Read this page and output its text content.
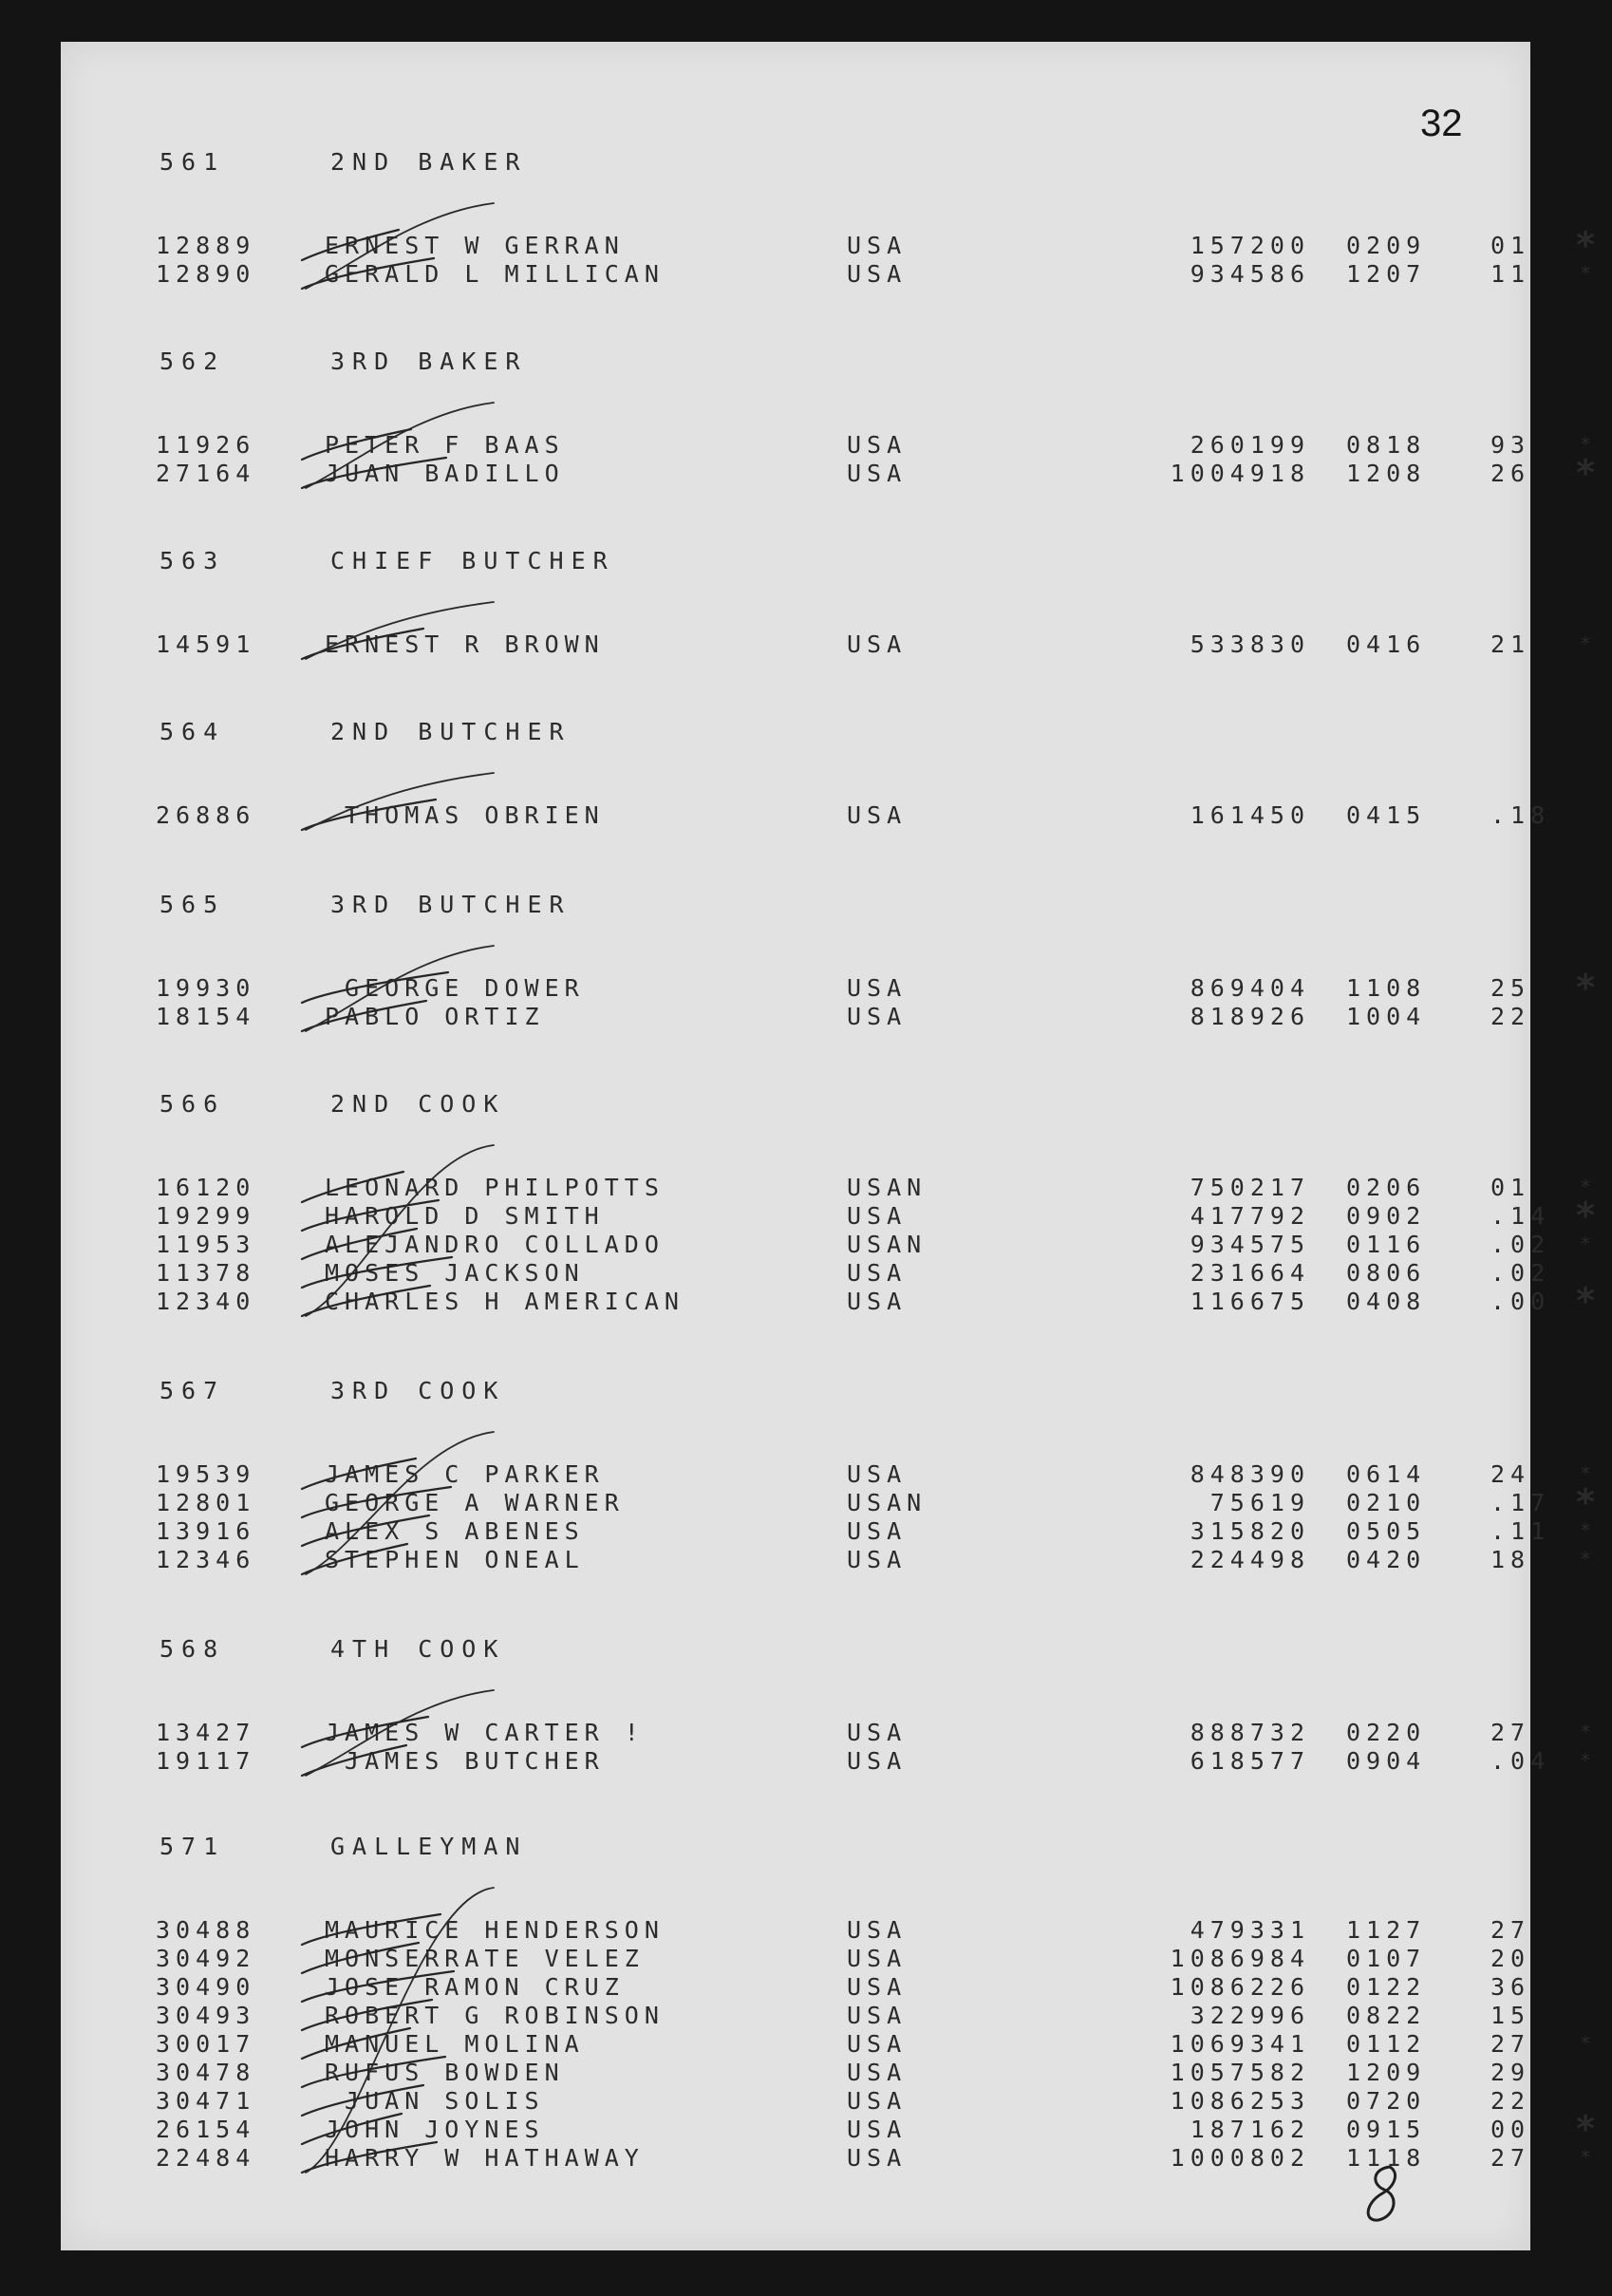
32
561	2ND BAKER
12889	ERNEST W GERRAN	USA	157200 0209	01	*
12890	GERALD L MILLICAN	USA	934586 1207	11	*
562	3RD BAKER
11926	PETER F BAAS	USA	260199 0818	93	*
27164	JUAN BADILLO	USA	1004918 1208	26	*
563	CHIEF BUTCHER
14591	ERNEST R BROWN	USA	533830 0416	21	*
564	2ND BUTCHER
26886	THOMAS OBRIEN	USA	161450 0415	.18
565	3RD BUTCHER
19930	GEORGE DOWER	USA	869404 1108	25	*
18154	PABLO ORTIZ	USA	818926 1004	22
566	2ND COOK
16120	LEONARD PHILPOTTS	USAN	750217 0206	01	*
19299	HAROLD D SMITH	USA	417792 0902	.14 *
11953	ALEJANDRO COLLADO	USAN	934575 0116	.02	*
11378	MOSES JACKSON	USA	231664 0806	.02
12340	CHARLES H AMERICAN	USA	116675 0408	.00 *
567	3RD COOK
19539	JAMES C PARKER	USA	848390 0614	24	*
12801	GEORGE A WARNER	USAN	75619 0210	.17 *
13916	ALEX S ABENES	USA	315820 0505	.11	*
12346	STEPHEN ONEAL	USA	224498 0420	18	*
568	4TH COOK
13427	JAMES W CARTER !	USA	888732 0220	27	*
19117	JAMES BUTCHER	USA	618577 0904	.04	*
571	GALLEYMAN
30488	MAURICE HENDERSON	USA	479331 1127	27
30492	MONSERRATE VELEZ	USA	1086984 0107	20
30490	JOSE RAMON CRUZ	USA	1086226 0122	36
30493	ROBERT G ROBINSON	USA	322996 0822	15
30017	MANUEL MOLINA	USA	1069341 0112	27	*
30478	RUFUS BOWDEN	USA	1057582 1209	29
30471	JUAN SOLIS	USA	1086253 0720	22
26154	JOHN JOYNES	USA	187162 0915	00	*
22484	HARRY W HATHAWAY	USA	1000802 1118	27	*
